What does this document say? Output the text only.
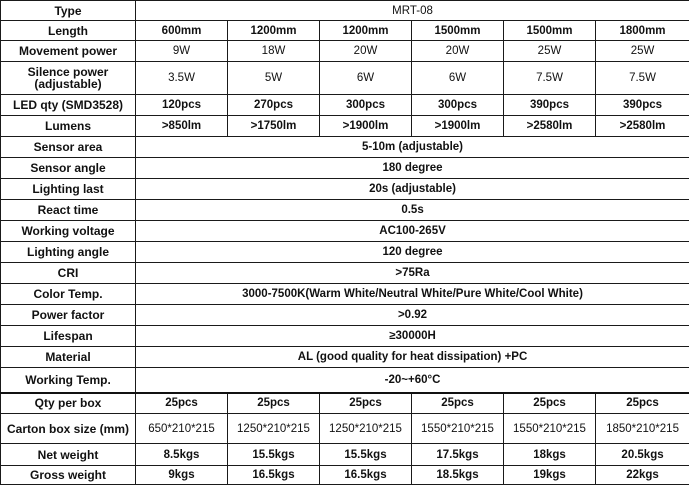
Type	MRT-08					
Length	600mm	1200mm	1200mm	1500mm	1500mm	1800mm
Movement power	9W	18W	20W	20W	25W	25W
Silence power (adjustable)	3.5W	5W	6W	6W	7.5W	7.5W
LED qty (SMD3528)	120pcs	270pcs	300pcs	300pcs	390pcs	390pcs
Lumens	>850lm	>1750lm	>1900lm	>1900lm	>2580lm	>2580lm
Sensor area	5-10m (adjustable)					
Sensor angle	180 degree					
Lighting last	20s (adjustable)					
React time	0.5s					
Working voltage	AC100-265V					
Lighting angle	120 degree					
CRI	>75Ra					
Color Temp.	3000-7500K(Warm White/Neutral White/Pure White/Cool White)					
Power factor	>0.92					
Lifespan	≥30000H					
Material	AL (good quality for heat dissipation) +PC					
Working Temp.	-20~+60°C					
Qty per box	25pcs	25pcs	25pcs	25pcs	25pcs	25pcs
Carton box size (mm)	650*210*215	1250*210*215	1250*210*215	1550*210*215	1550*210*215	1850*210*215
Net weight	8.5kgs	15.5kgs	15.5kgs	17.5kgs	18kgs	20.5kgs
Gross weight	9kgs	16.5kgs	16.5kgs	18.5kgs	19kgs	22kgs
